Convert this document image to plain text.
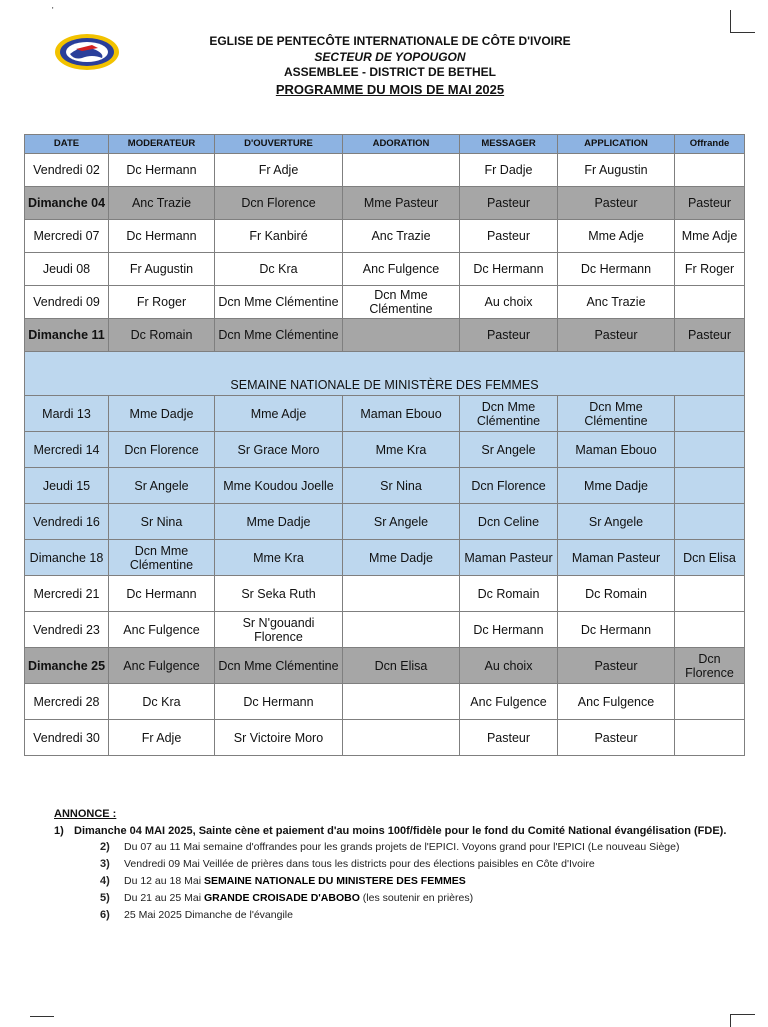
'
EGLISE DE PENTECÔTE INTERNATIONALE DE CÔTE D'IVOIRE
SECTEUR DE YOPOUGON
ASSEMBLEE - DISTRICT DE BETHEL
PROGRAMME DU MOIS DE MAI 2025
DATE	MODERATEUR	D'OUVERTURE	ADORATION	MESSAGER	APPLICATION	Offrande
Vendredi 02	Dc Hermann	Fr Adje		Fr Dadje	Fr Augustin	
Dimanche 04	Anc Trazie	Dcn Florence	Mme Pasteur	Pasteur	Pasteur	Pasteur
Mercredi 07	Dc Hermann	Fr Kanbiré	Anc Trazie	Pasteur	Mme Adje	Mme Adje
Jeudi 08	Fr Augustin	Dc Kra	Anc Fulgence	Dc Hermann	Dc Hermann	Fr Roger
Vendredi 09	Fr Roger	Dcn Mme Clémentine	Dcn Mme Clémentine	Au choix	Anc Trazie	
Dimanche 11	Dc Romain	Dcn Mme Clémentine		Pasteur	Pasteur	Pasteur
SEMAINE NATIONALE DE MINISTÈRE DES FEMMES						
Mardi 13	Mme Dadje	Mme Adje	Maman Ebouo	Dcn Mme Clémentine	Dcn Mme Clémentine	
Mercredi 14	Dcn Florence	Sr Grace Moro	Mme Kra	Sr Angele	Maman Ebouo	
Jeudi 15	Sr Angele	Mme Koudou Joelle	Sr Nina	Dcn Florence	Mme Dadje	
Vendredi 16	Sr Nina	Mme Dadje	Sr Angele	Dcn Celine	Sr Angele	
Dimanche 18	Dcn Mme Clémentine	Mme Kra	Mme Dadje	Maman Pasteur	Maman Pasteur	Dcn Elisa
Mercredi 21	Dc Hermann	Sr Seka Ruth		Dc Romain	Dc Romain	
Vendredi 23	Anc Fulgence	Sr N'gouandi Florence		Dc Hermann	Dc Hermann	
Dimanche 25	Anc Fulgence	Dcn Mme Clémentine	Dcn Elisa	Au choix	Pasteur	Dcn Florence
Mercredi 28	Dc Kra	Dc Hermann		Anc Fulgence	Anc Fulgence	
Vendredi 30	Fr Adje	Sr Victoire Moro		Pasteur	Pasteur	
ANNONCE :
1) Dimanche 04 MAI 2025, Sainte cène et paiement d'au moins 100f/fidèle pour le fond du Comité National évangélisation (FDE).
2) Du 07 au 11 Mai semaine d'offrandes pour les grands projets de l'EPICI. Voyons grand pour l'EPICI (Le nouveau Siège)
3) Vendredi 09 Mai Veillée de prières dans tous les districts pour des élections paisibles en Côte d'Ivoire
4) Du 12 au 18 Mai SEMAINE NATIONALE DU MINISTERE DES FEMMES
5) Du 21 au 25 Mai GRANDE CROISADE D'ABOBO (les soutenir en prières)
6) 25 Mai 2025 Dimanche de l'évangile
